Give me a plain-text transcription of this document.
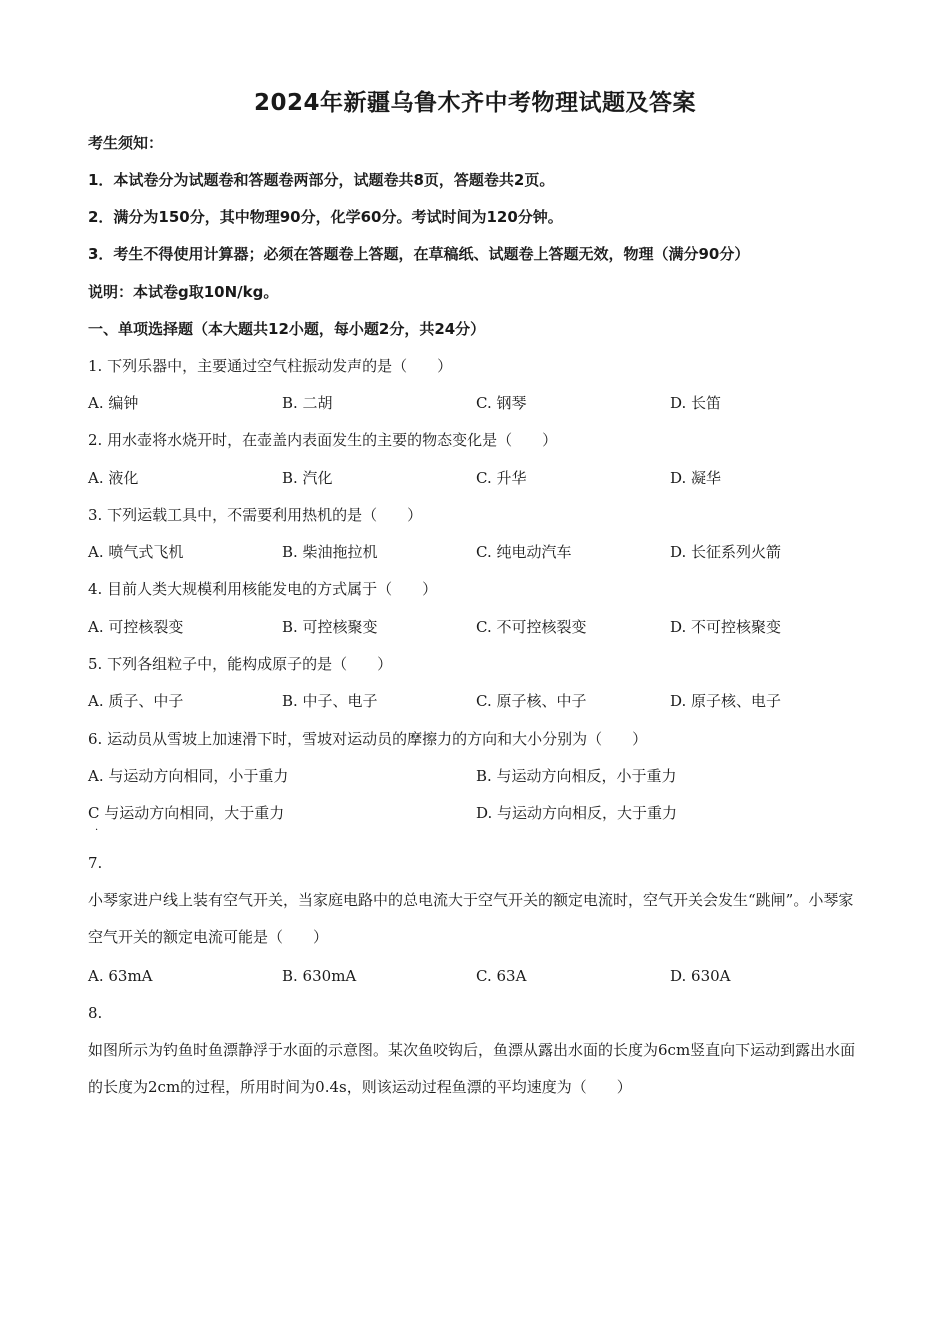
2024年新疆乌鲁木齐中考物理试题及答案
考生须知：
1．本试卷分为试题卷和答题卷两部分，试题卷共8页，答题卷共2页。
2．满分为150分，其中物理90分，化学60分。考试时间为120分钟。
3．考生不得使用计算器；必须在答题卷上答题，在草稿纸、试题卷上答题无效，物理（满分90分）
说明：本试卷g取10N/kg。
一、单项选择题（本大题共12小题，每小题2分，共24分）
1. 下列乐器中，主要通过空气柱振动发声的是（　　）
A. 编钟	B. 二胡	C. 钢琴	D. 长笛
2. 用水壶将水烧开时，在壶盖内表面发生的主要的物态变化是（　　）
A. 液化	B. 汽化	C. 升华	D. 凝华
3. 下列运载工具中，不需要利用热机的是（　　）
A. 喷气式飞机	B. 柴油拖拉机	C. 纯电动汽车	D. 长征系列火箭
4. 目前人类大规模利用核能发电的方式属于（　　）
A. 可控核裂变	B. 可控核聚变	C. 不可控核裂变	D. 不可控核聚变
5. 下列各组粒子中，能构成原子的是（　　）
A. 质子、中子	B. 中子、电子	C. 原子核、中子	D. 原子核、电子
6. 运动员从雪坡上加速滑下时，雪坡对运动员的摩擦力的方向和大小分别为（　　）
A. 与运动方向相同，小于重力	B. 与运动方向相反，小于重力
C 与运动方向相同，大于重力	D. 与运动方向相反，大于重力
·
7.
小琴家进户线上装有空气开关，当家庭电路中的总电流大于空气开关的额定电流时，空气开关会发生“跳闸”。小琴家空气开关的额定电流可能是（　　）
A. 63mA	B. 630mA	C. 63A	D. 630A
8.
如图所示为钓鱼时鱼漂静浮于水面的示意图。某次鱼咬钩后，鱼漂从露出水面的长度为6cm竖直向下运动到露出水面的长度为2cm的过程，所用时间为0.4s，则该运动过程鱼漂的平均速度为（　　）
